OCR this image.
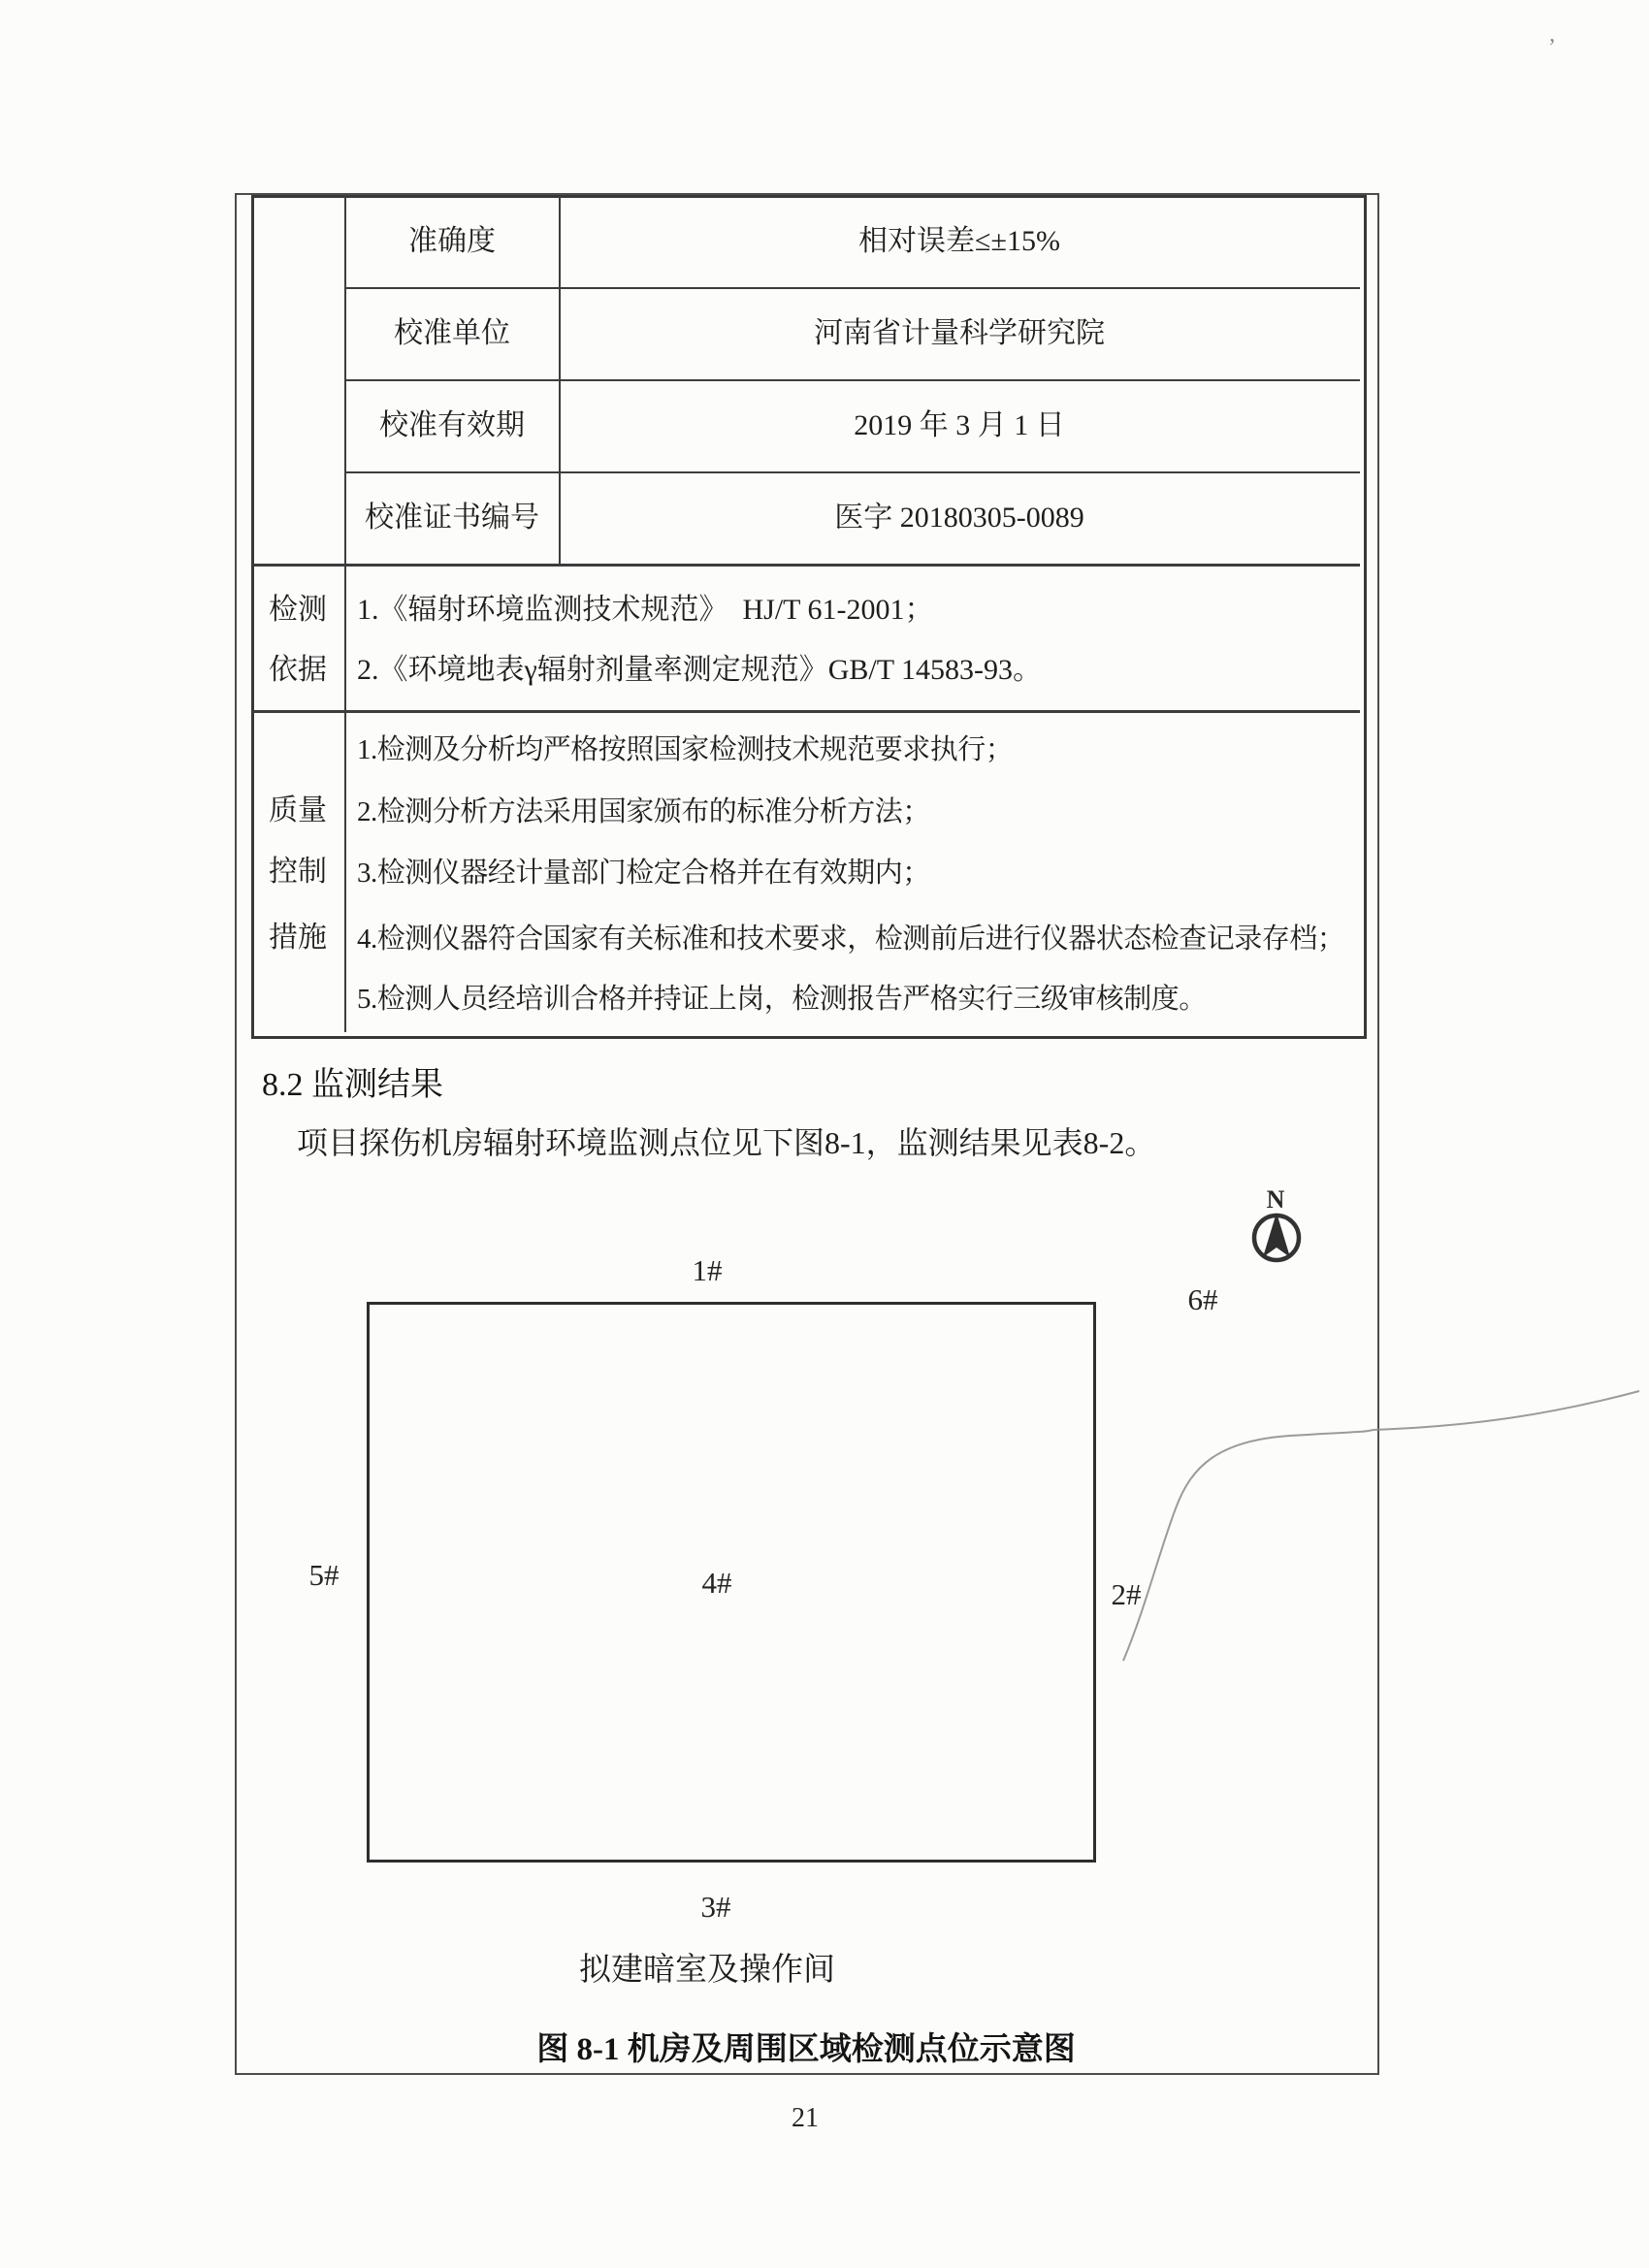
’
准确度
校准单位
校准有效期
校准证书编号
相对误差≤±15%
河南省计量科学研究院
2019 年 3 月 1 日
医字 20180305-0089
检测
依据
1.《辐射环境监测技术规范》　HJ/T 61-2001；
2.《环境地表γ辐射剂量率测定规范》GB/T 14583-93。
质量
控制
措施
1.检测及分析均严格按照国家检测技术规范要求执行；
2.检测分析方法采用国家颁布的标准分析方法；
3.检测仪器经计量部门检定合格并在有效期内；
4.检测仪器符合国家有关标准和技术要求，检测前后进行仪器状态检查记录存档；
5.检测人员经培训合格并持证上岗，检测报告严格实行三级审核制度。
8.2 监测结果
项目探伤机房辐射环境监测点位见下图8-1，监测结果见表8-2。
N
1#
6#
5#	4#	2#
3#
拟建暗室及操作间
图 8-1 机房及周围区域检测点位示意图
21
